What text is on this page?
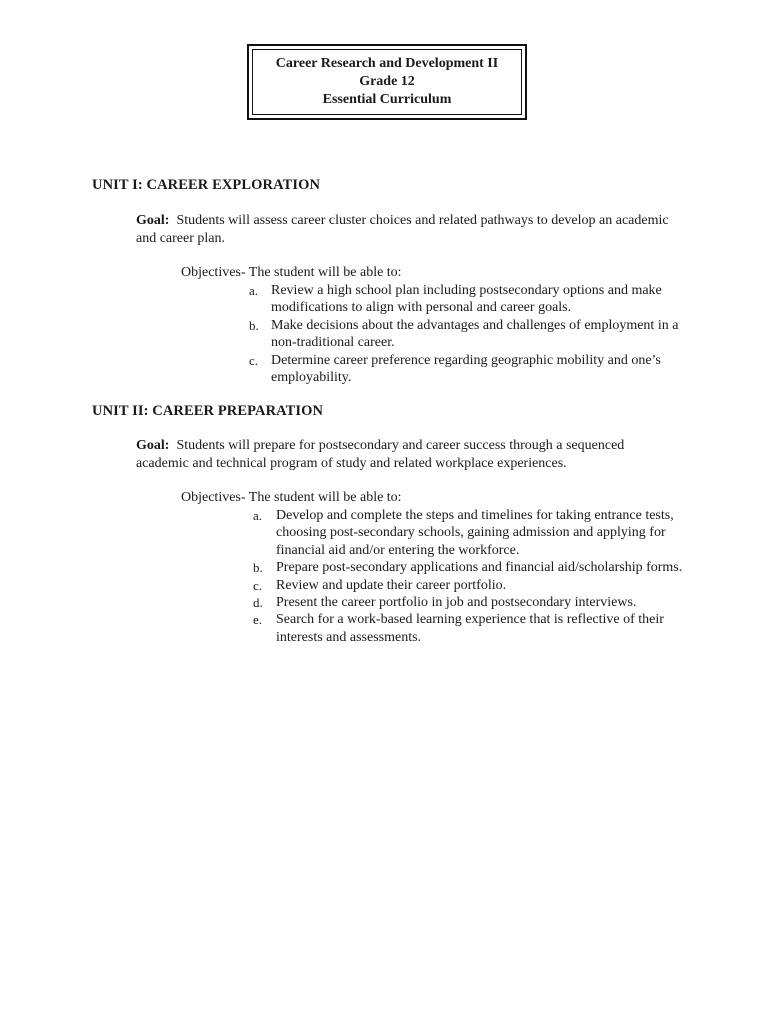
Career Research and Development II
Grade 12
Essential Curriculum
UNIT I: CAREER EXPLORATION
Goal: Students will assess career cluster choices and related pathways to develop an academic and career plan.
Objectives- The student will be able to:
a. Review a high school plan including postsecondary options and make modifications to align with personal and career goals.
b. Make decisions about the advantages and challenges of employment in a non-traditional career.
c. Determine career preference regarding geographic mobility and one’s employability.
UNIT II: CAREER PREPARATION
Goal: Students will prepare for postsecondary and career success through a sequenced academic and technical program of study and related workplace experiences.
Objectives- The student will be able to:
a. Develop and complete the steps and timelines for taking entrance tests, choosing post-secondary schools, gaining admission and applying for financial aid and/or entering the workforce.
b. Prepare post-secondary applications and financial aid/scholarship forms.
c. Review and update their career portfolio.
d. Present the career portfolio in job and postsecondary interviews.
e. Search for a work-based learning experience that is reflective of their interests and assessments.
